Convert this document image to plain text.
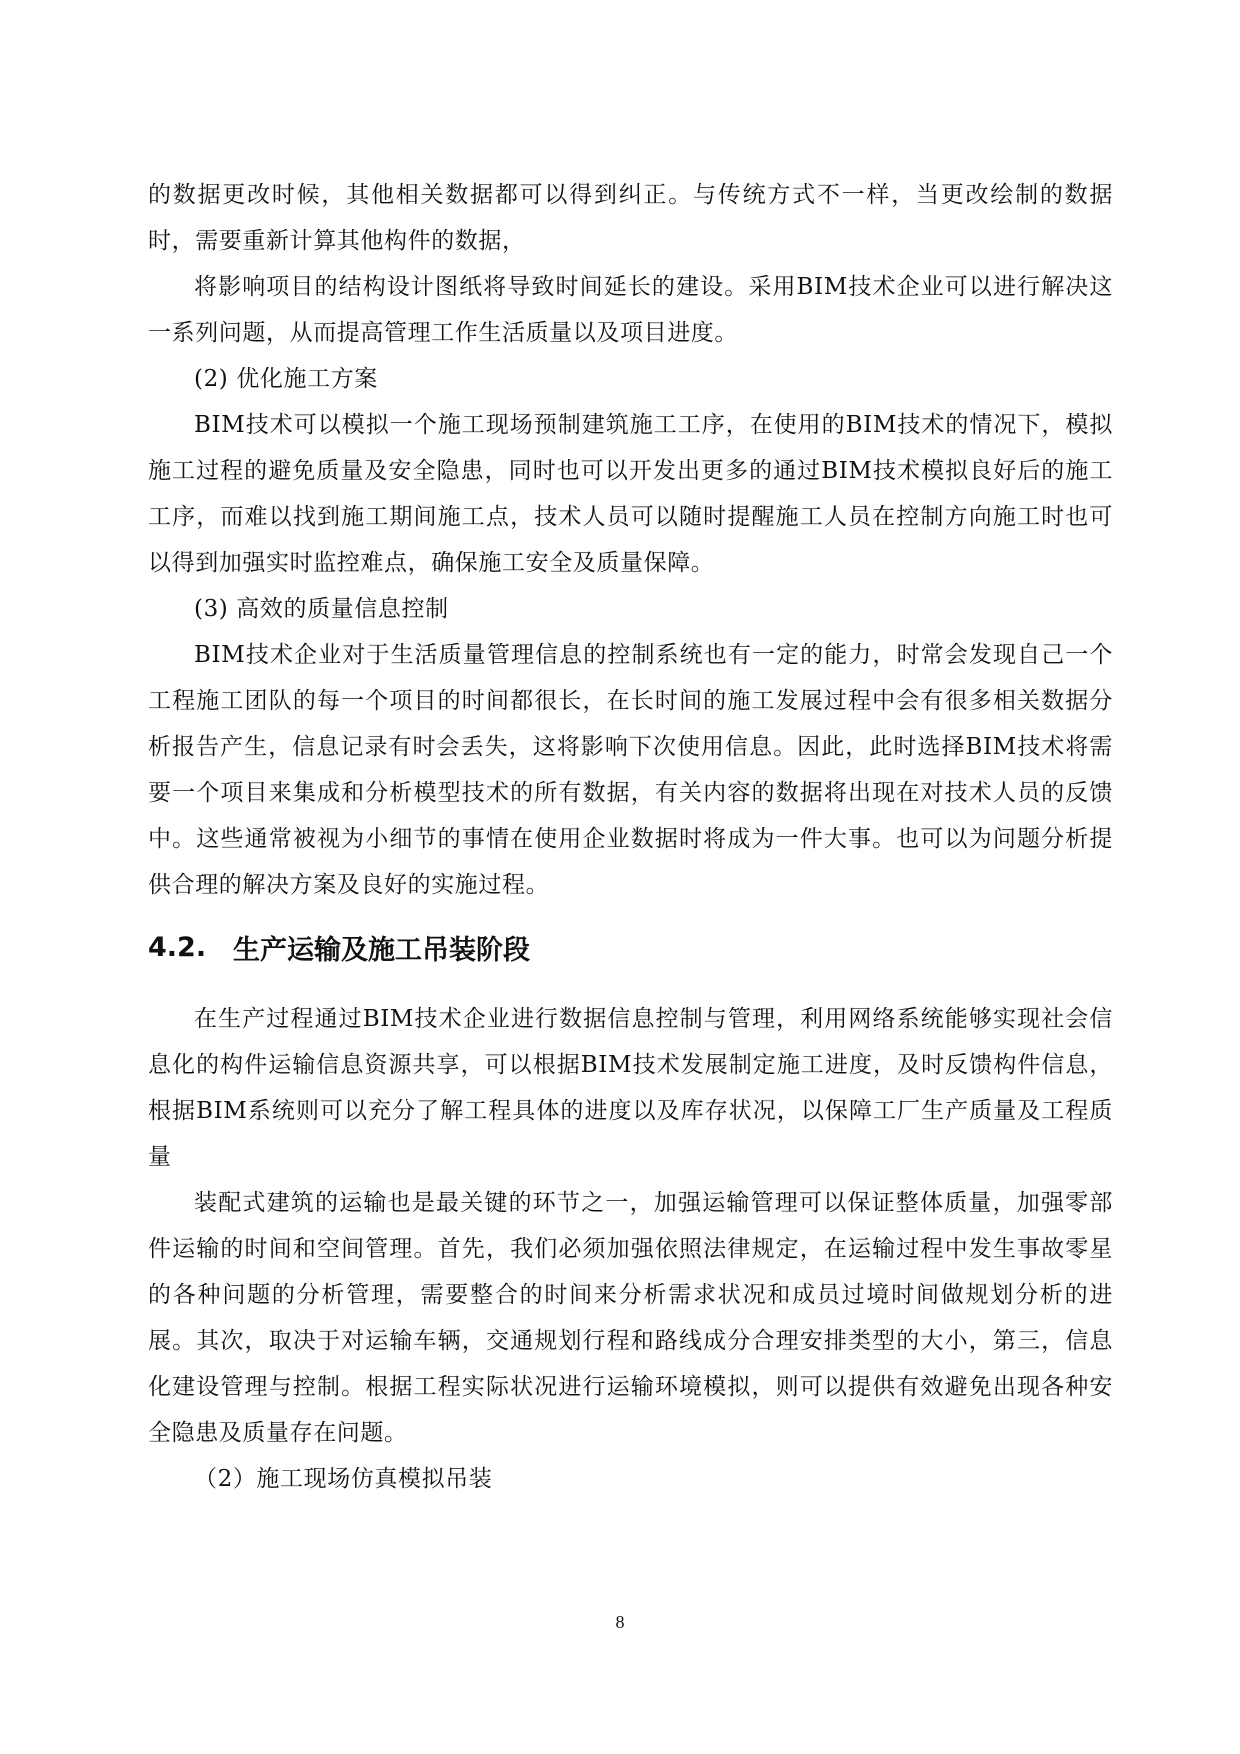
的数据更改时候，其他相关数据都可以得到纠正。与传统方式不一样，当更改绘制的数据时，需要重新计算其他构件的数据，

将影响项目的结构设计图纸将导致时间延长的建设。采用BIM技术企业可以进行解决这一系列问题，从而提高管理工作生活质量以及项目进度。

(2) 优化施工方案

BIM技术可以模拟一个施工现场预制建筑施工工序，在使用的BIM技术的情况下，模拟施工过程的避免质量及安全隐患，同时也可以开发出更多的通过BIM技术模拟良好后的施工工序，而难以找到施工期间施工点，技术人员可以随时提醒施工人员在控制方向施工时也可以得到加强实时监控难点，确保施工安全及质量保障。

(3) 高效的质量信息控制

BIM技术企业对于生活质量管理信息的控制系统也有一定的能力，时常会发现自己一个工程施工团队的每一个项目的时间都很长，在长时间的施工发展过程中会有很多相关数据分析报告产生，信息记录有时会丢失，这将影响下次使用信息。因此，此时选择BIM技术将需要一个项目来集成和分析模型技术的所有数据，有关内容的数据将出现在对技术人员的反馈中。这些通常被视为小细节的事情在使用企业数据时将成为一件大事。也可以为问题分析提供合理的解决方案及良好的实施过程。

4.2. 生产运输及施工吊装阶段

在生产过程通过BIM技术企业进行数据信息控制与管理，利用网络系统能够实现社会信息化的构件运输信息资源共享，可以根据BIM技术发展制定施工进度，及时反馈构件信息，根据BIM系统则可以充分了解工程具体的进度以及库存状况，以保障工厂生产质量及工程质量

装配式建筑的运输也是最关键的环节之一，加强运输管理可以保证整体质量，加强零部件运输的时间和空间管理。首先，我们必须加强依照法律规定，在运输过程中发生事故零星的各种问题的分析管理，需要整合的时间来分析需求状况和成员过境时间做规划分析的进展。其次，取决于对运输车辆，交通规划行程和路线成分合理安排类型的大小，第三，信息化建设管理与控制。根据工程实际状况进行运输环境模拟，则可以提供有效避免出现各种安全隐患及质量存在问题。

（2）施工现场仿真模拟吊装

8
